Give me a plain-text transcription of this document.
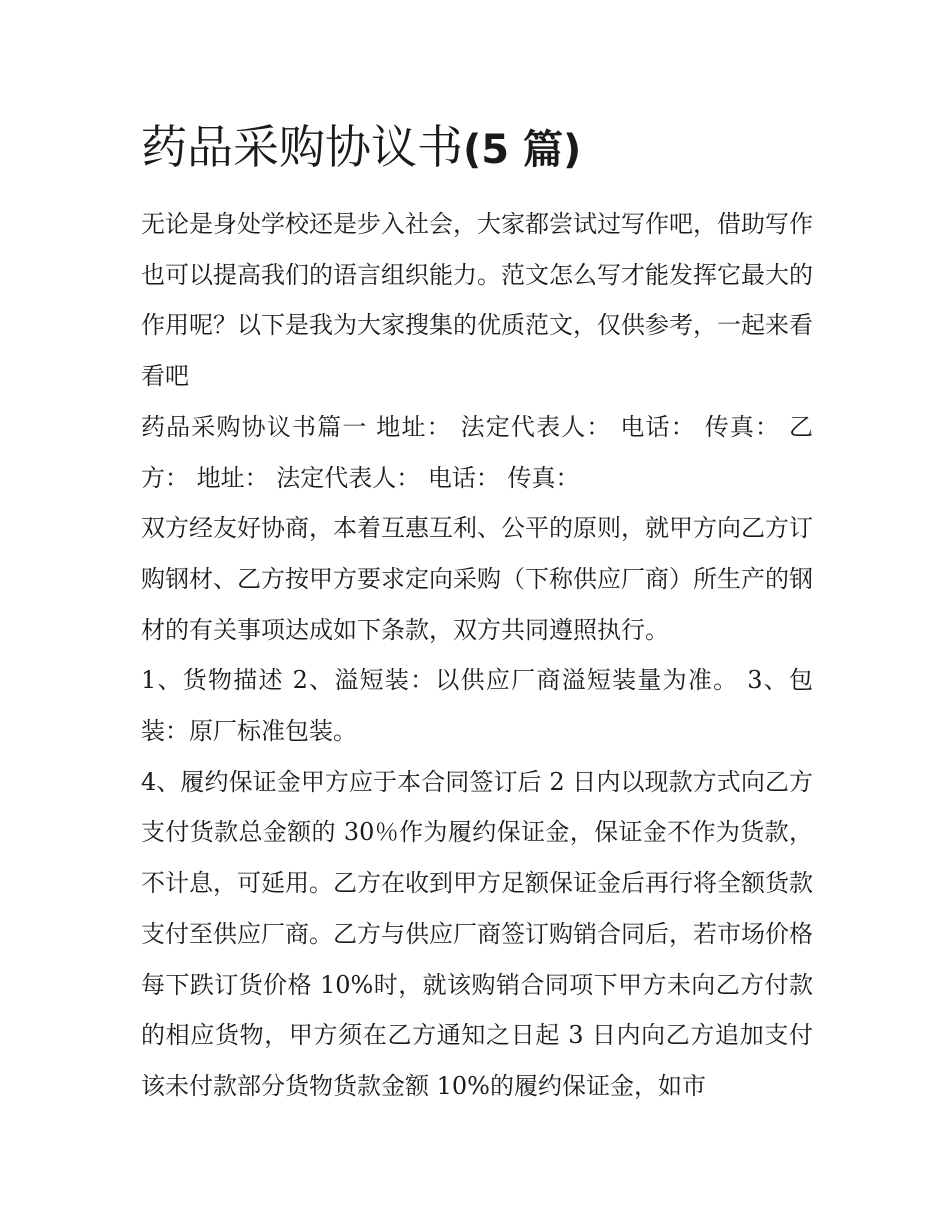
药品采购协议书(5 篇)

无论是身处学校还是步入社会，大家都尝试过写作吧，借助写作也可以提高我们的语言组织能力。范文怎么写才能发挥它最大的作用呢？以下是我为大家搜集的优质范文，仅供参考，一起来看看吧

药品采购协议书篇一 地址： 法定代表人： 电话： 传真： 乙方： 地址： 法定代表人： 电话： 传真：

双方经友好协商，本着互惠互利、公平的原则，就甲方向乙方订购钢材、乙方按甲方要求定向采购（下称供应厂商）所生产的钢材的有关事项达成如下条款，双方共同遵照执行。

1、货物描述 2、溢短装：以供应厂商溢短装量为准。 3、包装：原厂标准包装。

4、履约保证金甲方应于本合同签订后 2 日内以现款方式向乙方支付货款总金额的 30％作为履约保证金，保证金不作为货款，不计息，可延用。乙方在收到甲方足额保证金后再行将全额货款支付至供应厂商。乙方与供应厂商签订购销合同后，若市场价格每下跌订货价格 10%时，就该购销合同项下甲方未向乙方付款的相应货物，甲方须在乙方通知之日起 3 日内向乙方追加支付该未付款部分货物货款金额 10%的履约保证金，如市
